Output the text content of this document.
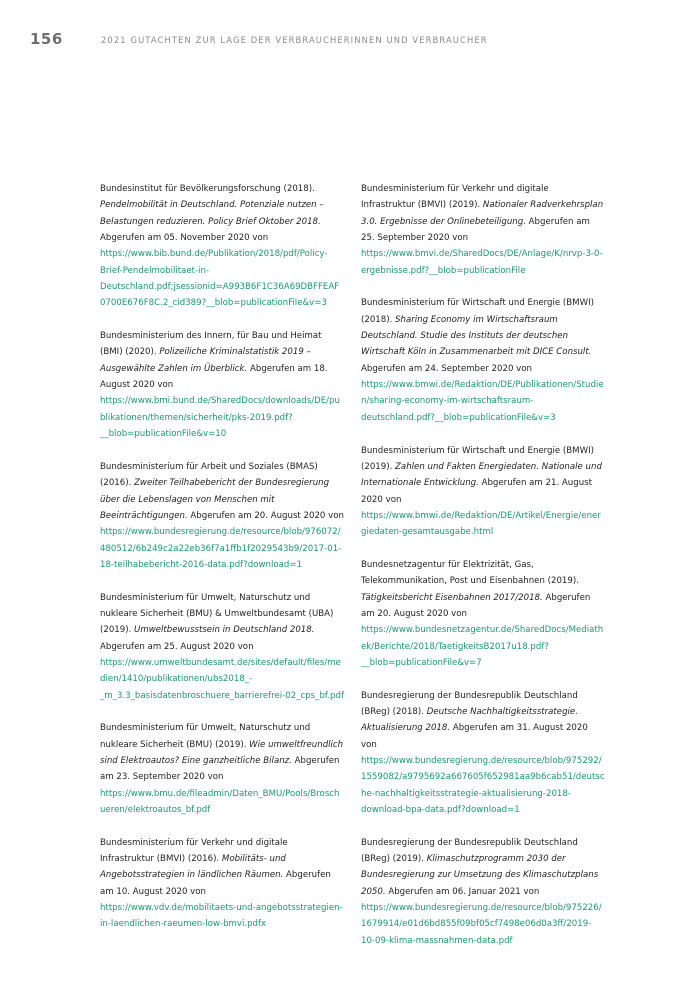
156	2021 GUTACHTEN ZUR LAGE DER VERBRAUCHERINNEN UND VERBRAUCHER

Bundesinstitut für Bevölkerungsforschung (2018). Pendelmobilität in Deutschland. Potenziale nutzen – Belastungen reduzieren. Policy Brief Oktober 2018. Abgerufen am 05. November 2020 von https://www.bib.bund.de/Publikation/2018/pdf/Policy-Brief-Pendelmobilitaet-in-Deutschland.pdf;jsessionid=A993B6F1C36A69DBFFEAF0700E676F8C.2_cid389?__blob=publicationFile&v=3

Bundesministerium des Innern, für Bau und Heimat (BMI) (2020). Polizeiliche Kriminalstatistik 2019 – Ausgewählte Zahlen im Überblick. Abgerufen am 18. August 2020 von https://www.bmi.bund.de/SharedDocs/downloads/DE/publikationen/themen/sicherheit/pks-2019.pdf?__blob=publicationFile&v=10

Bundesministerium für Arbeit und Soziales (BMAS) (2016). Zweiter Teilhabebericht der Bundesregierung über die Lebenslagen von Menschen mit Beeinträchtigungen. Abgerufen am 20. August 2020 von https://www.bundesregierung.de/resource/blob/976072/480512/6b249c2a22eb36f7a1ffb1f2029543b9/2017-01-18-teilhabebericht-2016-data.pdf?download=1

Bundesministerium für Umwelt, Naturschutz und nukleare Sicherheit (BMU) & Umweltbundesamt (UBA) (2019). Umweltbewusstsein in Deutschland 2018. Abgerufen am 25. August 2020 von https://www.umweltbundesamt.de/sites/default/files/medien/1410/publikationen/ubs2018_-_m_3.3_basisdatenbroschuere_barrierefrei-02_cps_bf.pdf

Bundesministerium für Umwelt, Naturschutz und nukleare Sicherheit (BMU) (2019). Wie umweltfreundlich sind Elektroautos? Eine ganzheitliche Bilanz. Abgerufen am 23. September 2020 von https://www.bmu.de/fileadmin/Daten_BMU/Pools/Broschueren/elektroautos_bf.pdf

Bundesministerium für Verkehr und digitale Infrastruktur (BMVI) (2016). Mobilitäts- und Angebotsstrategien in ländlichen Räumen. Abgerufen am 10. August 2020 von https://www.vdv.de/mobilitaets-und-angebotsstrategien-in-laendlichen-raeumen-low-bmvi.pdfx

Bundesministerium für Verkehr und digitale Infrastruktur (BMVI) (2019). Nationaler Radverkehrsplan 3.0. Ergebnisse der Onlinebeteiligung. Abgerufen am 25. September 2020 von https://www.bmvi.de/SharedDocs/DE/Anlage/K/nrvp-3-0-ergebnisse.pdf?__blob=publicationFile

Bundesministerium für Wirtschaft und Energie (BMWI) (2018). Sharing Economy im Wirtschaftsraum Deutschland. Studie des Instituts der deutschen Wirtschaft Köln in Zusammenarbeit mit DICE Consult. Abgerufen am 24. September 2020 von https://www.bmwi.de/Redaktion/DE/Publikationen/Studien/sharing-economy-im-wirtschaftsraum-deutschland.pdf?__blob=publicationFile&v=3

Bundesministerium für Wirtschaft und Energie (BMWI) (2019). Zahlen und Fakten Energiedaten. Nationale und Internationale Entwicklung. Abgerufen am 21. August 2020 von https://www.bmwi.de/Redaktion/DE/Artikel/Energie/energiedaten-gesamtausgabe.html

Bundesnetzagentur für Elektrizität, Gas, Telekommunikation, Post und Eisenbahnen (2019). Tätigkeitsbericht Eisenbahnen 2017/2018. Abgerufen am 20. August 2020 von https://www.bundesnetzagentur.de/SharedDocs/Mediathek/Berichte/2018/TaetigkeitsB2017u18.pdf?__blob=publicationFile&v=7

Bundesregierung der Bundesrepublik Deutschland (BReg) (2018). Deutsche Nachhaltigkeitsstrategie. Aktualisierung 2018. Abgerufen am 31. August 2020 von https://www.bundesregierung.de/resource/blob/975292/1559082/a9795692a667605f652981aa9b6cab51/deutsche-nachhaltigkeitsstrategie-aktualisierung-2018-download-bpa-data.pdf?download=1

Bundesregierung der Bundesrepublik Deutschland (BReg) (2019). Klimaschutzprogramm 2030 der Bundesregierung zur Umsetzung des Klimaschutzplans 2050. Abgerufen am 06. Januar 2021 von https://www.bundesregierung.de/resource/blob/975226/1679914/e01d6bd855f09bf05cf7498e06d0a3ff/2019-10-09-klima-massnahmen-data.pdf
